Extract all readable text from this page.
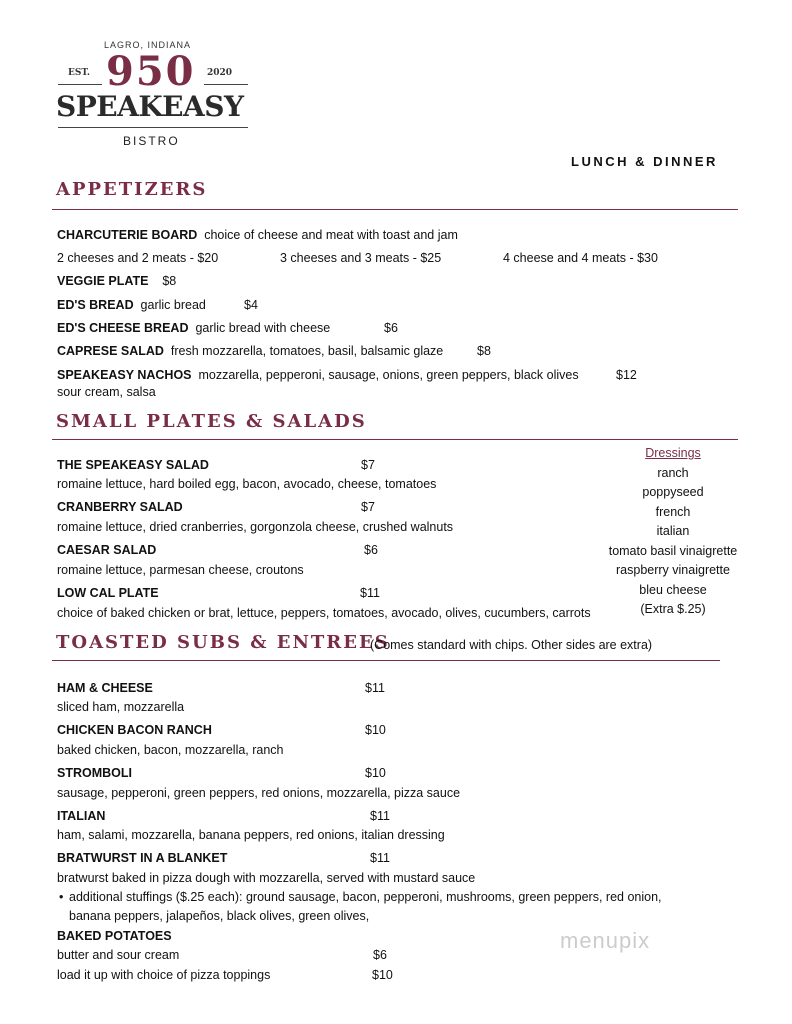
LAGRO, INDIANA
950
EST.	2020
SPEAKEASY
BISTRO
LUNCH & DINNER
APPETIZERS
CHARCUTERIE BOARD choice of cheese and meat with toast and jam
2 cheeses and 2 meats - $20	3 cheeses and 3 meats - $25	4 cheese and 4 meats - $30
VEGGIE PLATE $8
ED'S BREAD garlic bread	$4
ED'S CHEESE BREAD garlic bread with cheese	$6
CAPRESE SALAD fresh mozzarella, tomatoes, basil, balsamic glaze	$8
SPEAKEASY NACHOS mozzarella, pepperoni, sausage, onions, green peppers, black olives	$12
sour cream, salsa
SMALL PLATES & SALADS
THE SPEAKEASY SALAD	$7
romaine lettuce, hard boiled egg, bacon, avocado, cheese, tomatoes
CRANBERRY SALAD	$7
romaine lettuce, dried cranberries, gorgonzola cheese, crushed walnuts
CAESAR SALAD	$6
romaine lettuce, parmesan cheese, croutons
LOW CAL PLATE	$11
choice of baked chicken or brat, lettuce, peppers, tomatoes, avocado, olives, cucumbers, carrots
Dressings
ranch
poppyseed
french
italian
tomato basil vinaigrette
raspberry vinaigrette
bleu cheese
(Extra $.25)
TOASTED SUBS & ENTREES
(Comes standard with chips. Other sides are extra)
HAM & CHEESE	$11
sliced ham, mozzarella
CHICKEN BACON RANCH	$10
baked chicken, bacon, mozzarella, ranch
STROMBOLI	$10
sausage, pepperoni, green peppers, red onions, mozzarella, pizza sauce
ITALIAN	$11
ham, salami, mozzarella, banana peppers, red onions, italian dressing
BRATWURST IN A BLANKET	$11
bratwurst baked in pizza dough with mozzarella, served with mustard sauce
• additional stuffings ($.25 each): ground sausage, bacon, pepperoni, mushrooms, green peppers, red onion,
banana peppers, jalapeños, black olives, green olives,
BAKED POTATOES
butter and sour cream	$6
load it up with choice of pizza toppings	$10
menupix
